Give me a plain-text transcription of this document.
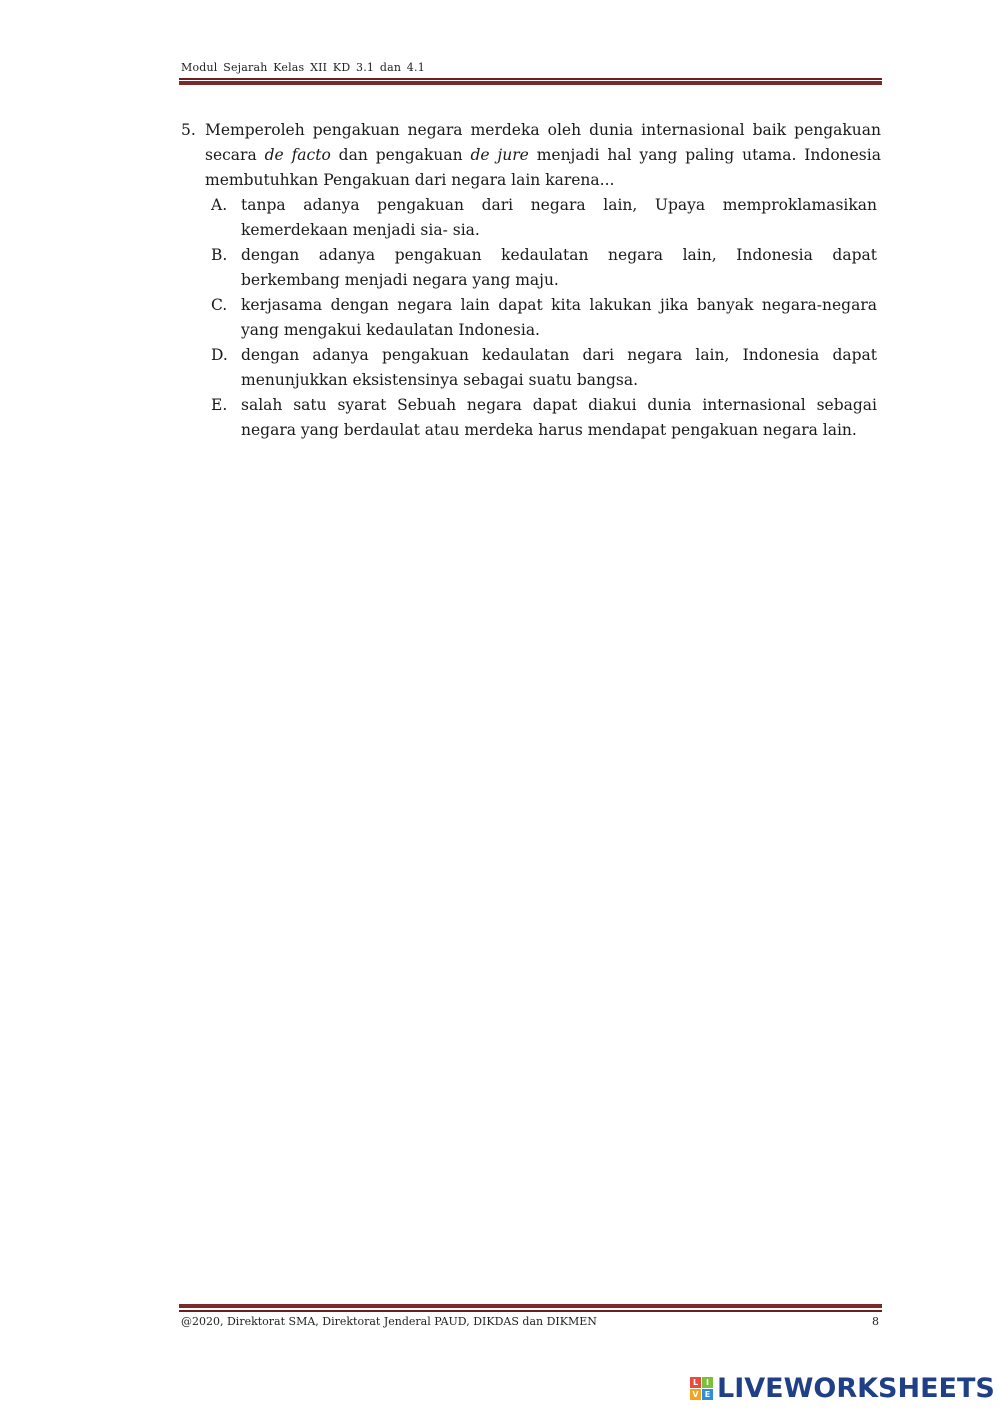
Modul Sejarah Kelas XII KD 3.1 dan 4.1
5. Memperoleh pengakuan negara merdeka oleh dunia internasional baik pengakuan secara de facto dan pengakuan de jure menjadi hal yang paling utama. Indonesia membutuhkan Pengakuan dari negara lain karena...
A. tanpa adanya pengakuan dari negara lain, Upaya memproklamasikan kemerdekaan menjadi sia- sia.
B. dengan adanya pengakuan kedaulatan negara lain, Indonesia dapat berkembang menjadi negara yang maju.
C. kerjasama dengan negara lain dapat kita lakukan jika banyak negara-negara yang mengakui kedaulatan Indonesia.
D. dengan adanya pengakuan kedaulatan dari negara lain, Indonesia dapat menunjukkan eksistensinya sebagai suatu bangsa.
E. salah satu syarat Sebuah negara dapat diakui dunia internasional sebagai negara yang berdaulat atau merdeka harus mendapat pengakuan negara lain.
@2020, Direktorat SMA, Direktorat Jenderal PAUD, DIKDAS dan DIKMEN	8
L I
V E LIVEWORKSHEETS
